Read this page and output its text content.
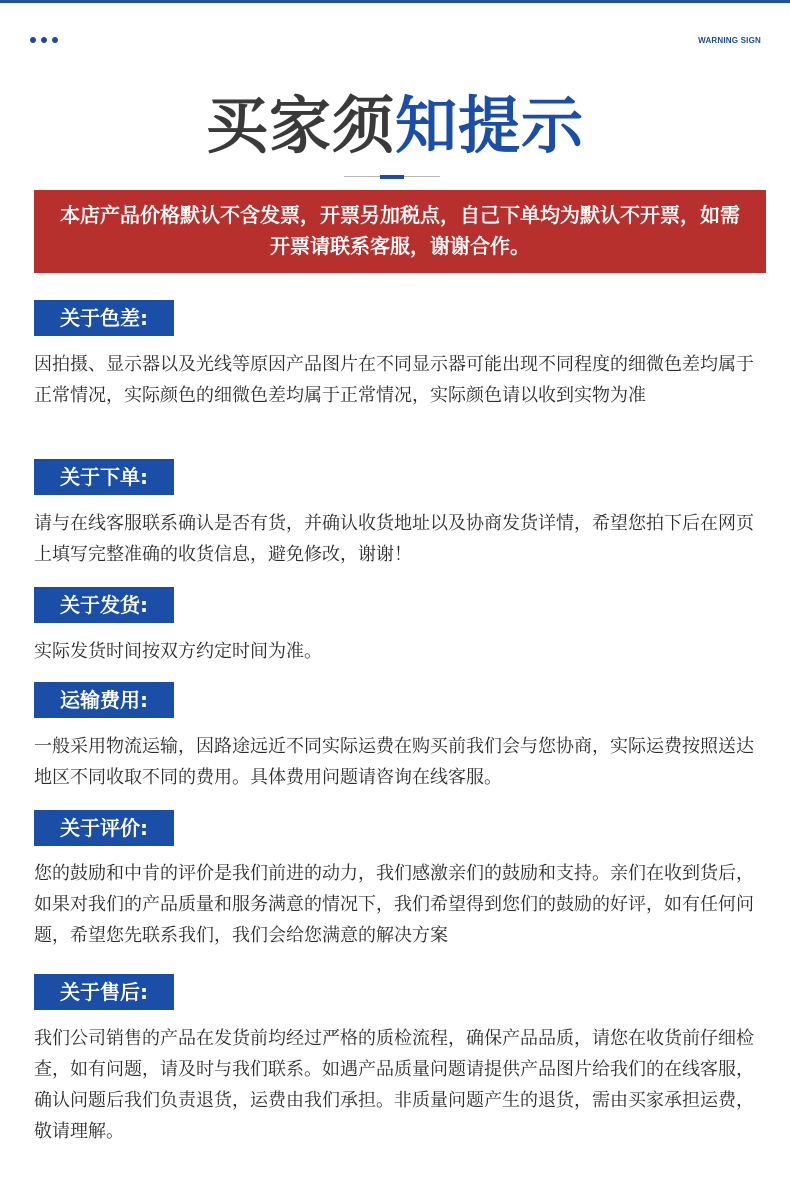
WARNING SIGN
买家须知提示
本店产品价格默认不含发票，开票另加税点，自己下单均为默认不开票，如需开票请联系客服，谢谢合作。
关于色差:

因拍摄、显示器以及光线等原因产品图片在不同显示器可能出现不同程度的细微色差均属于正常情况，实际颜色的细微色差均属于正常情况，实际颜色请以收到实物为准

关于下单:

请与在线客服联系确认是否有货，并确认收货地址以及协商发货详情，希望您拍下后在网页上填写完整准确的收货信息，避免修改，谢谢！

关于发货:

实际发货时间按双方约定时间为准。

运输费用:

一般采用物流运输，因路途远近不同实际运费在购买前我们会与您协商，实际运费按照送达地区不同收取不同的费用。具体费用问题请咨询在线客服。

关于评价:

您的鼓励和中肯的评价是我们前进的动力，我们感激亲们的鼓励和支持。亲们在收到货后，如果对我们的产品质量和服务满意的情况下，我们希望得到您们的鼓励的好评，如有任何问题，希望您先联系我们，我们会给您满意的解决方案

关于售后:

我们公司销售的产品在发货前均经过严格的质检流程，确保产品品质，请您在收货前仔细检查，如有问题，请及时与我们联系。如遇产品质量问题请提供产品图片给我们的在线客服，确认问题后我们负责退货，运费由我们承担。非质量问题产生的退货，需由买家承担运费，敬请理解。
